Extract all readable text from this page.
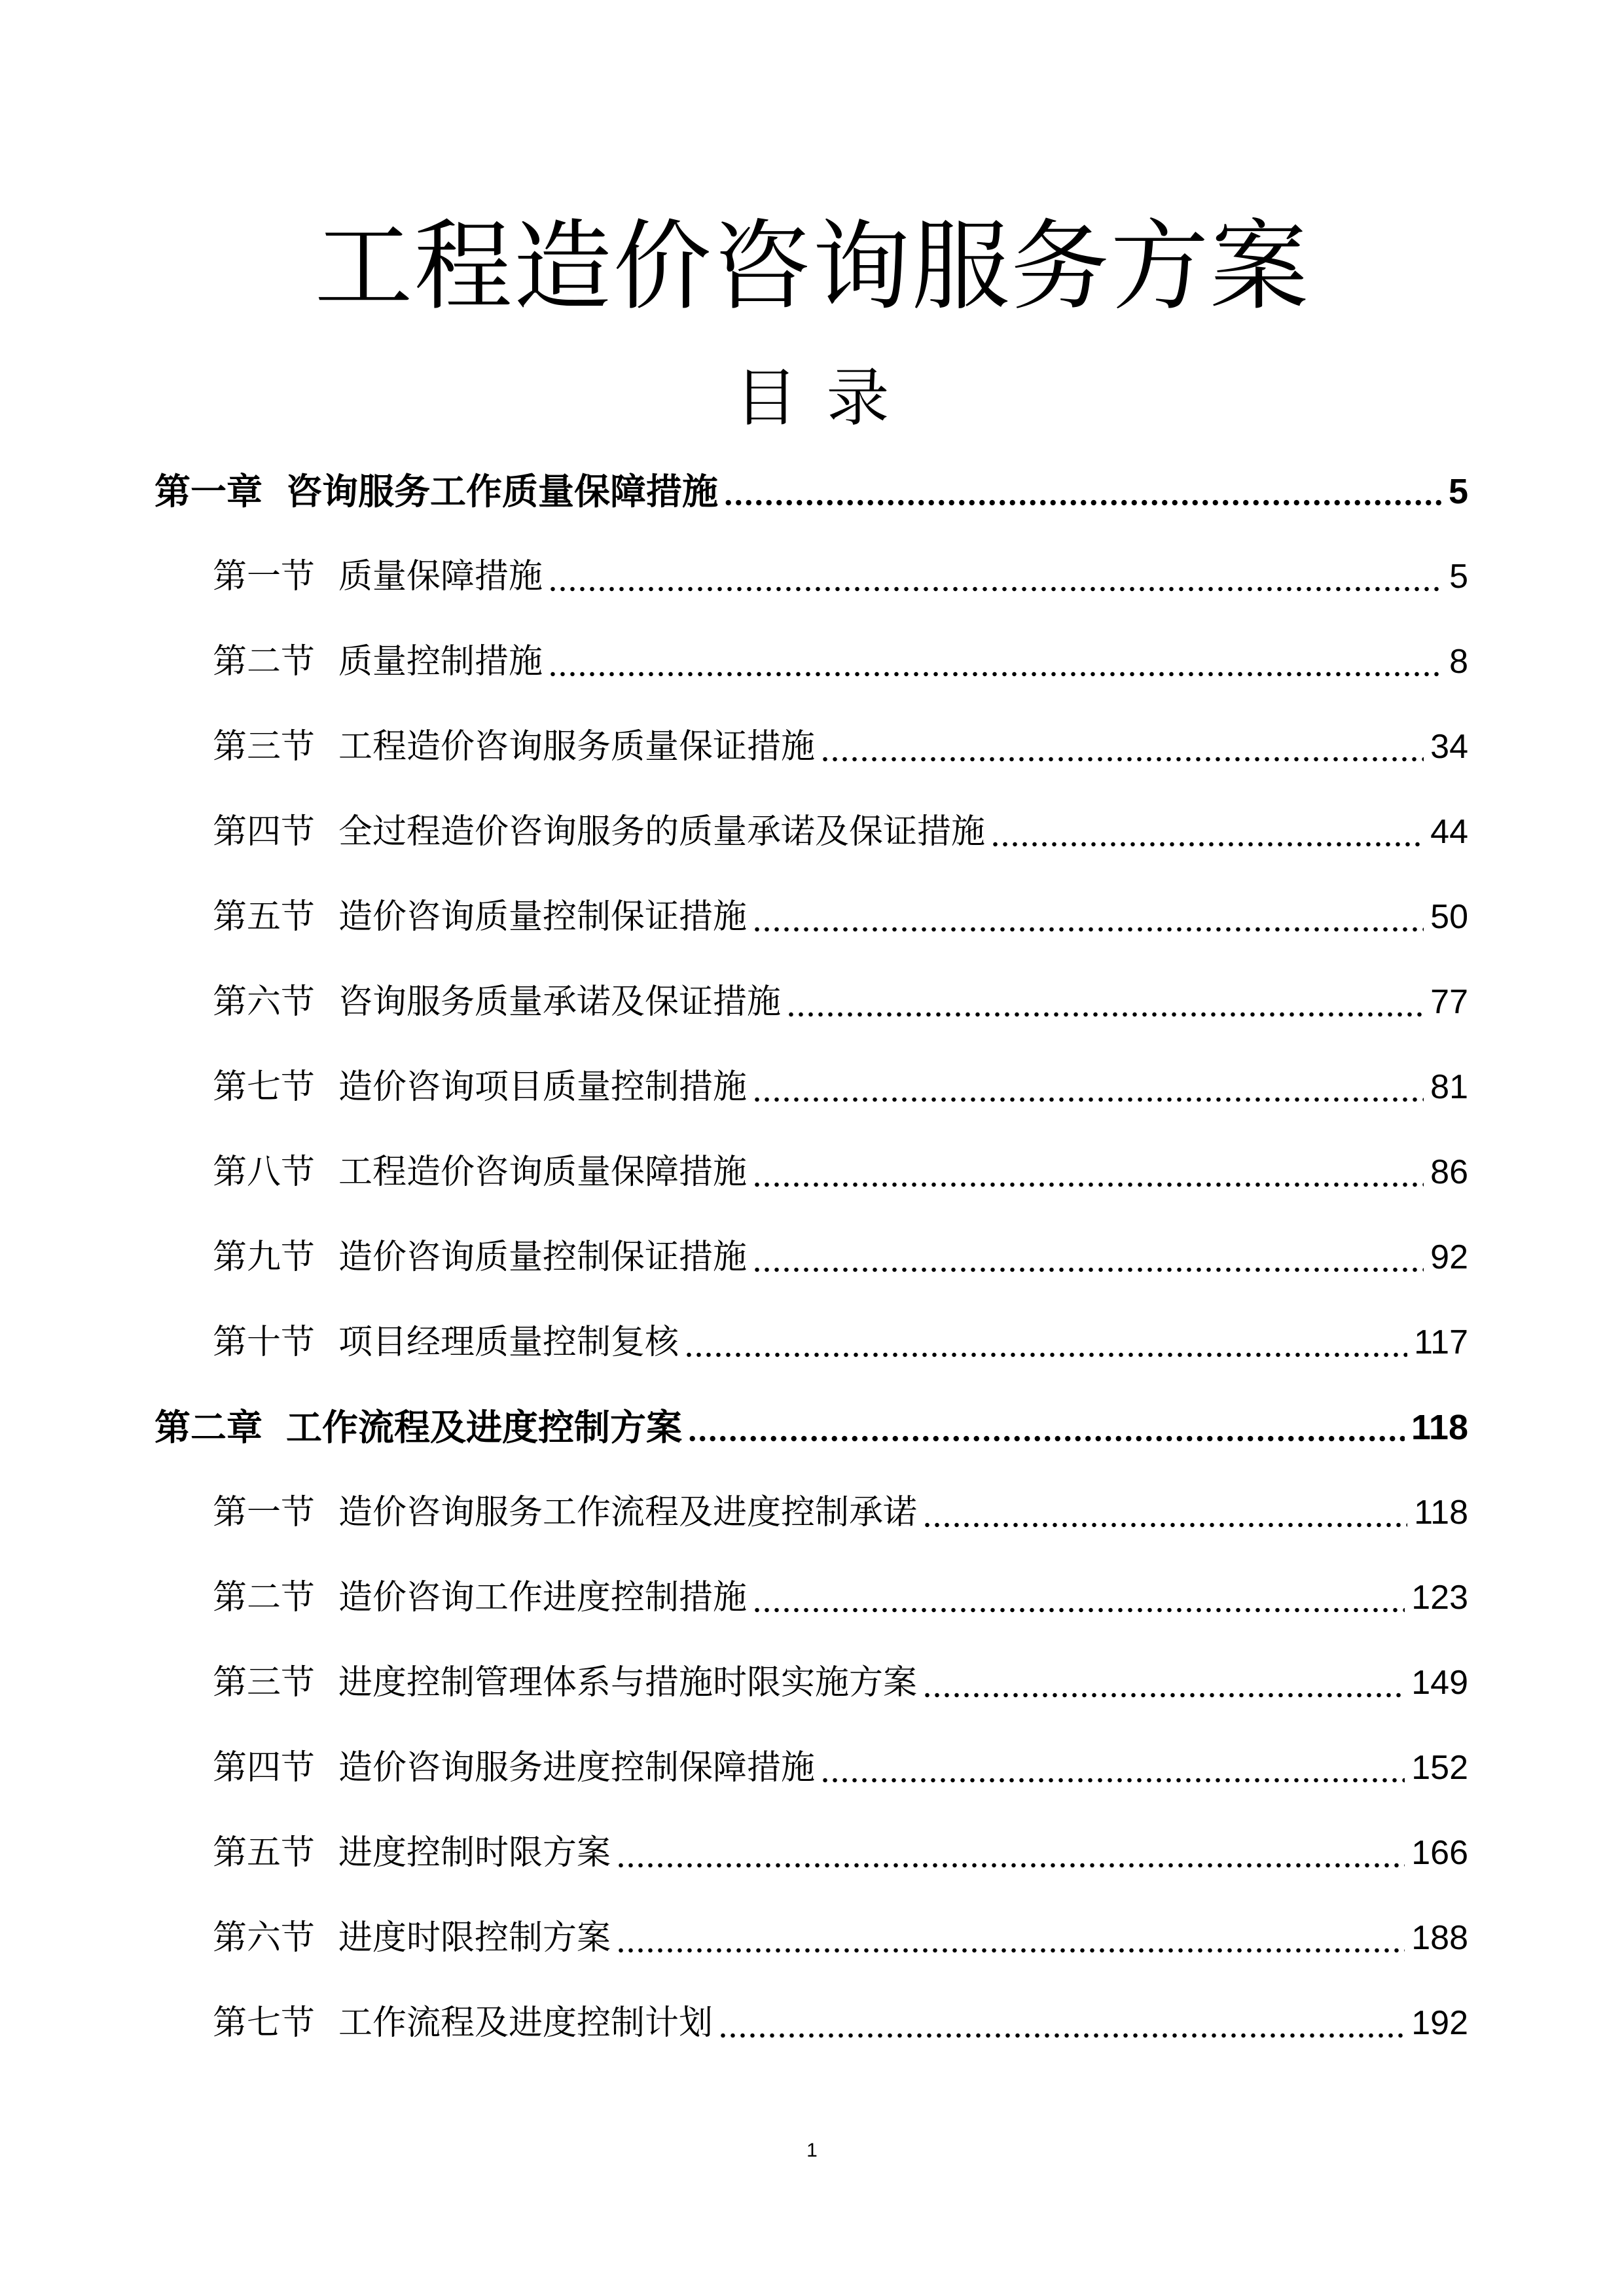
工程造价咨询服务方案
目录
第一章 咨询服务工作质量保障措施	5
第一节 质量保障措施	5
第二节 质量控制措施	8
第三节 工程造价咨询服务质量保证措施	34
第四节 全过程造价咨询服务的质量承诺及保证措施	44
第五节 造价咨询质量控制保证措施	50
第六节 咨询服务质量承诺及保证措施	77
第七节 造价咨询项目质量控制措施	81
第八节 工程造价咨询质量保障措施	86
第九节 造价咨询质量控制保证措施	92
第十节 项目经理质量控制复核	117
第二章 工作流程及进度控制方案	118
第一节 造价咨询服务工作流程及进度控制承诺	118
第二节 造价咨询工作进度控制措施	123
第三节 进度控制管理体系与措施时限实施方案	149
第四节 造价咨询服务进度控制保障措施	152
第五节 进度控制时限方案	166
第六节 进度时限控制方案	188
第七节 工作流程及进度控制计划	192
1
